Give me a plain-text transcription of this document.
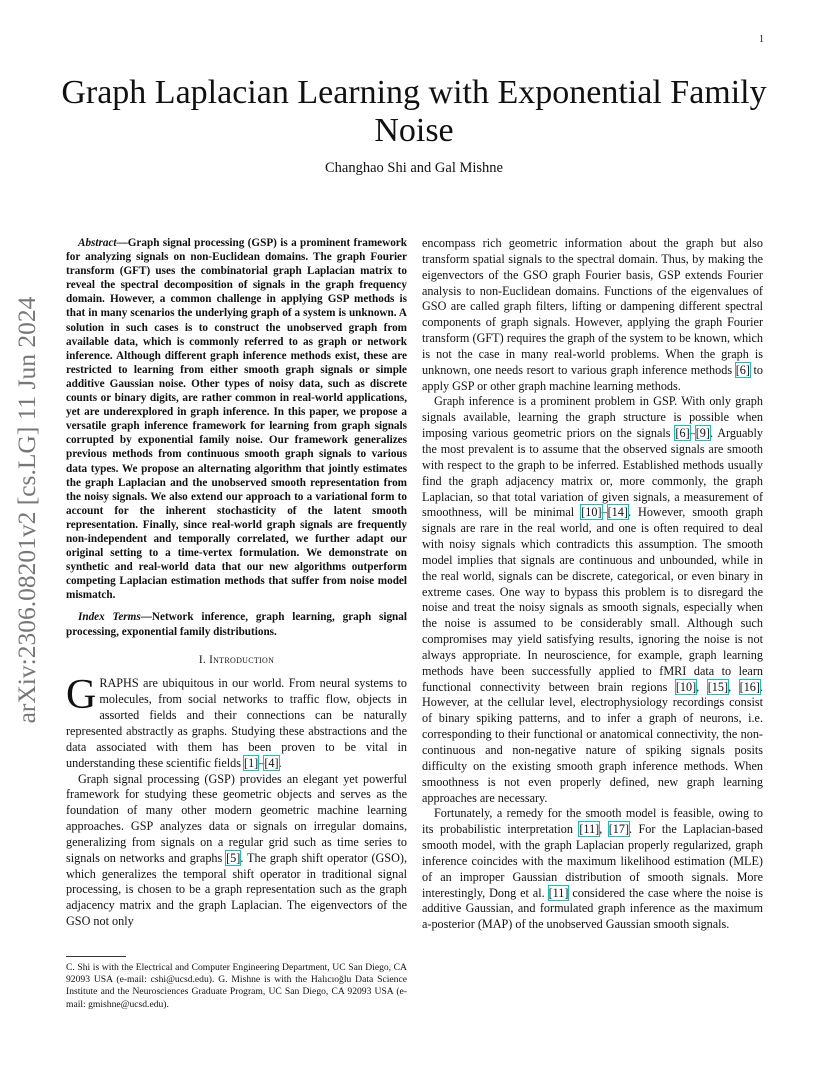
1
arXiv:2306.08201v2 [cs.LG] 11 Jun 2024
Graph Laplacian Learning with Exponential Family Noise
Changhao Shi and Gal Mishne

Abstract—Graph signal processing (GSP) is a prominent framework for analyzing signals on non-Euclidean domains. The graph Fourier transform (GFT) uses the combinatorial graph Laplacian matrix to reveal the spectral decomposition of signals in the graph frequency domain. However, a common challenge in applying GSP methods is that in many scenarios the underlying graph of a system is unknown. A solution in such cases is to construct the unobserved graph from available data, which is commonly referred to as graph or network inference. Although different graph inference methods exist, these are restricted to learning from either smooth graph signals or simple additive Gaussian noise. Other types of noisy data, such as discrete counts or binary digits, are rather common in real-world applications, yet are underexplored in graph inference. In this paper, we propose a versatile graph inference framework for learning from graph signals corrupted by exponential family noise. Our framework generalizes previous methods from continuous smooth graph signals to various data types. We propose an alternating algorithm that jointly estimates the graph Laplacian and the unobserved smooth representation from the noisy signals. We also extend our approach to a variational form to account for the inherent stochasticity of the latent smooth representation. Finally, since real-world graph signals are frequently non-independent and temporally correlated, we further adapt our original setting to a time-vertex formulation. We demonstrate on synthetic and real-world data that our new algorithms outperform competing Laplacian estimation methods that suffer from noise model mismatch.

Index Terms—Network inference, graph learning, graph signal processing, exponential family distributions.

I. Introduction

GRAPHS are ubiquitous in our world. From neural systems to molecules, from social networks to traffic flow, objects in assorted fields and their connections can be naturally represented abstractly as graphs. Studying these abstractions and the data associated with them has been proven to be vital in understanding these scientific fields [1]–[4].

Graph signal processing (GSP) provides an elegant yet powerful framework for studying these geometric objects and serves as the foundation of many other modern geometric machine learning approaches. GSP analyzes data or signals on irregular domains, generalizing from signals on a regular grid such as time series to signals on networks and graphs [5]. The graph shift operator (GSO), which generalizes the temporal shift operator in traditional signal processing, is chosen to be a graph representation such as the graph adjacency matrix and the graph Laplacian. The eigenvectors of the GSO not only

C. Shi is with the Electrical and Computer Engineering Department, UC San Diego, CA 92093 USA (e-mail: cshi@ucsd.edu). G. Mishne is with the Halıcıoğlu Data Science Institute and the Neurosciences Graduate Program, UC San Diego, CA 92093 USA (e-mail: gmishne@ucsd.edu).

encompass rich geometric information about the graph but also transform spatial signals to the spectral domain. Thus, by making the eigenvectors of the GSO graph Fourier basis, GSP extends Fourier analysis to non-Euclidean domains. Functions of the eigenvalues of GSO are called graph filters, lifting or dampening different spectral components of graph signals. However, applying the graph Fourier transform (GFT) requires the graph of the system to be known, which is not the case in many real-world problems. When the graph is unknown, one needs resort to various graph inference methods [6] to apply GSP or other graph machine learning methods.

Graph inference is a prominent problem in GSP. With only graph signals available, learning the graph structure is possible when imposing various geometric priors on the signals [6]–[9]. Arguably the most prevalent is to assume that the observed signals are smooth with respect to the graph to be inferred. Established methods usually find the graph adjacency matrix or, more commonly, the graph Laplacian, so that total variation of given signals, a measurement of smoothness, will be minimal [10]–[14]. However, smooth graph signals are rare in the real world, and one is often required to deal with noisy signals which contradicts this assumption. The smooth model implies that signals are continuous and unbounded, while in the real world, signals can be discrete, categorical, or even binary in extreme cases. One way to bypass this problem is to disregard the noise and treat the noisy signals as smooth signals, especially when the noise is assumed to be considerably small. Although such compromises may yield satisfying results, ignoring the noise is not always appropriate. In neuroscience, for example, graph learning methods have been successfully applied to fMRI data to learn functional connectivity between brain regions [10], [15], [16]. However, at the cellular level, electrophysiology recordings consist of binary spiking patterns, and to infer a graph of neurons, i.e. corresponding to their functional or anatomical connectivity, the non-continuous and non-negative nature of spiking signals posits difficulty on the existing smooth graph inference methods. When smoothness is not even properly defined, new graph learning approaches are necessary.

Fortunately, a remedy for the smooth model is feasible, owing to its probabilistic interpretation [11], [17]. For the Laplacian-based smooth model, with the graph Laplacian properly regularized, graph inference coincides with the maximum likelihood estimation (MLE) of an improper Gaussian distribution of smooth signals. More interestingly, Dong et al. [11] considered the case where the noise is additive Gaussian, and formulated graph inference as the maximum a-posterior (MAP) of the unobserved Gaussian smooth signals.
